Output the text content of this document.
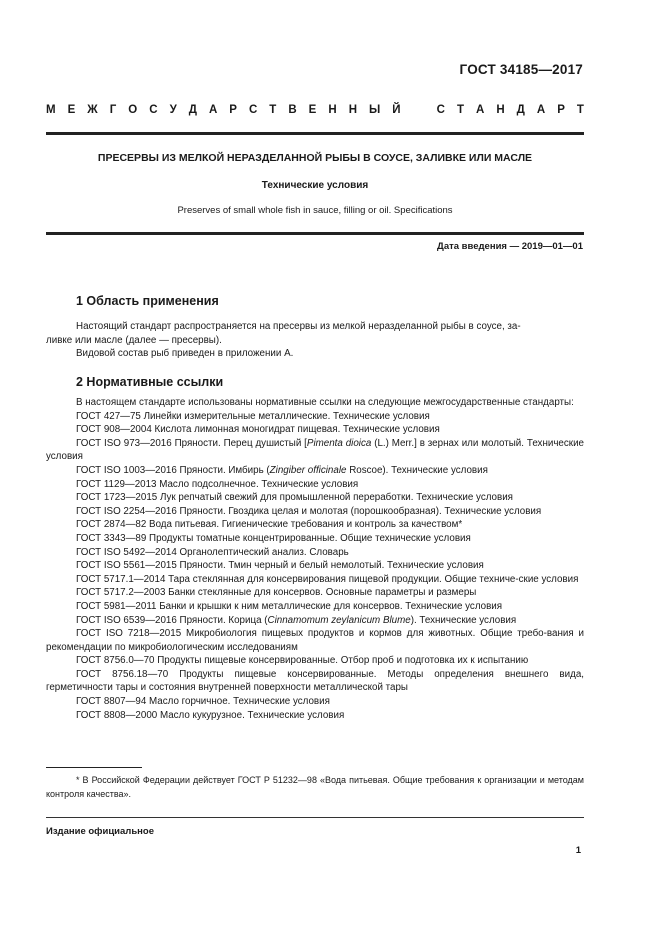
ГОСТ 34185—2017
М Е Ж Г О С У Д А Р С Т В Е Н Н Ы Й	С Т А Н Д А Р Т
ПРЕСЕРВЫ ИЗ МЕЛКОЙ НЕРАЗДЕЛАННОЙ РЫБЫ В СОУСЕ, ЗАЛИВКЕ ИЛИ МАСЛЕ
Технические условия
Preserves of small whole fish in sauce, filling or oil. Specifications
Дата введения — 2019—01—01
1 Область применения
Настоящий стандарт распространяется на пресервы из мелкой неразделанной рыбы в соусе, за-
ливке или масле (далее — пресервы).
Видовой состав рыб приведен в приложении А.
2 Нормативные ссылки
В настоящем стандарте использованы нормативные ссылки на следующие межгосударственные стандарты:
ГОСТ 427—75 Линейки измерительные металлические. Технические условия
ГОСТ 908—2004 Кислота лимонная моногидрат пищевая. Технические условия
ГОСТ ISO 973—2016 Пряности. Перец душистый [Pimenta dioica (L.) Merr.] в зернах или молотый. Технические условия
ГОСТ ISO 1003—2016 Пряности. Имбирь (Zingiber officinale Roscoe). Технические условия
ГОСТ 1129—2013 Масло подсолнечное. Технические условия
ГОСТ 1723—2015 Лук репчатый свежий для промышленной переработки. Технические условия
ГОСТ ISO 2254—2016 Пряности. Гвоздика целая и молотая (порошкообразная). Технические условия
ГОСТ 2874—82 Вода питьевая. Гигиенические требования и контроль за качеством*
ГОСТ 3343—89 Продукты томатные концентрированные. Общие технические условия
ГОСТ ISO 5492—2014 Органолептический анализ. Словарь
ГОСТ ISO 5561—2015 Пряности. Тмин черный и белый немолотый. Технические условия
ГОСТ 5717.1—2014 Тара стеклянная для консервирования пищевой продукции. Общие техниче-ские условия
ГОСТ 5717.2—2003 Банки стеклянные для консервов. Основные параметры и размеры
ГОСТ 5981—2011 Банки и крышки к ним металлические для консервов. Технические условия
ГОСТ ISO 6539—2016 Пряности. Корица (Cinnamomum zeylanicum Blume). Технические условия
ГОСТ ISO 7218—2015 Микробиология пищевых продуктов и кормов для животных. Общие требо-вания и рекомендации по микробиологическим исследованиям
ГОСТ 8756.0—70 Продукты пищевые консервированные. Отбор проб и подготовка их к испытанию
ГОСТ 8756.18—70 Продукты пищевые консервированные. Методы определения внешнего вида, герметичности тары и состояния внутренней поверхности металлической тары
ГОСТ 8807—94 Масло горчичное. Технические условия
ГОСТ 8808—2000 Масло кукурузное. Технические условия
* В Российской Федерации действует ГОСТ Р 51232—98 «Вода питьевая. Общие требования к организации и методам контроля качества».
Издание официальное
1
